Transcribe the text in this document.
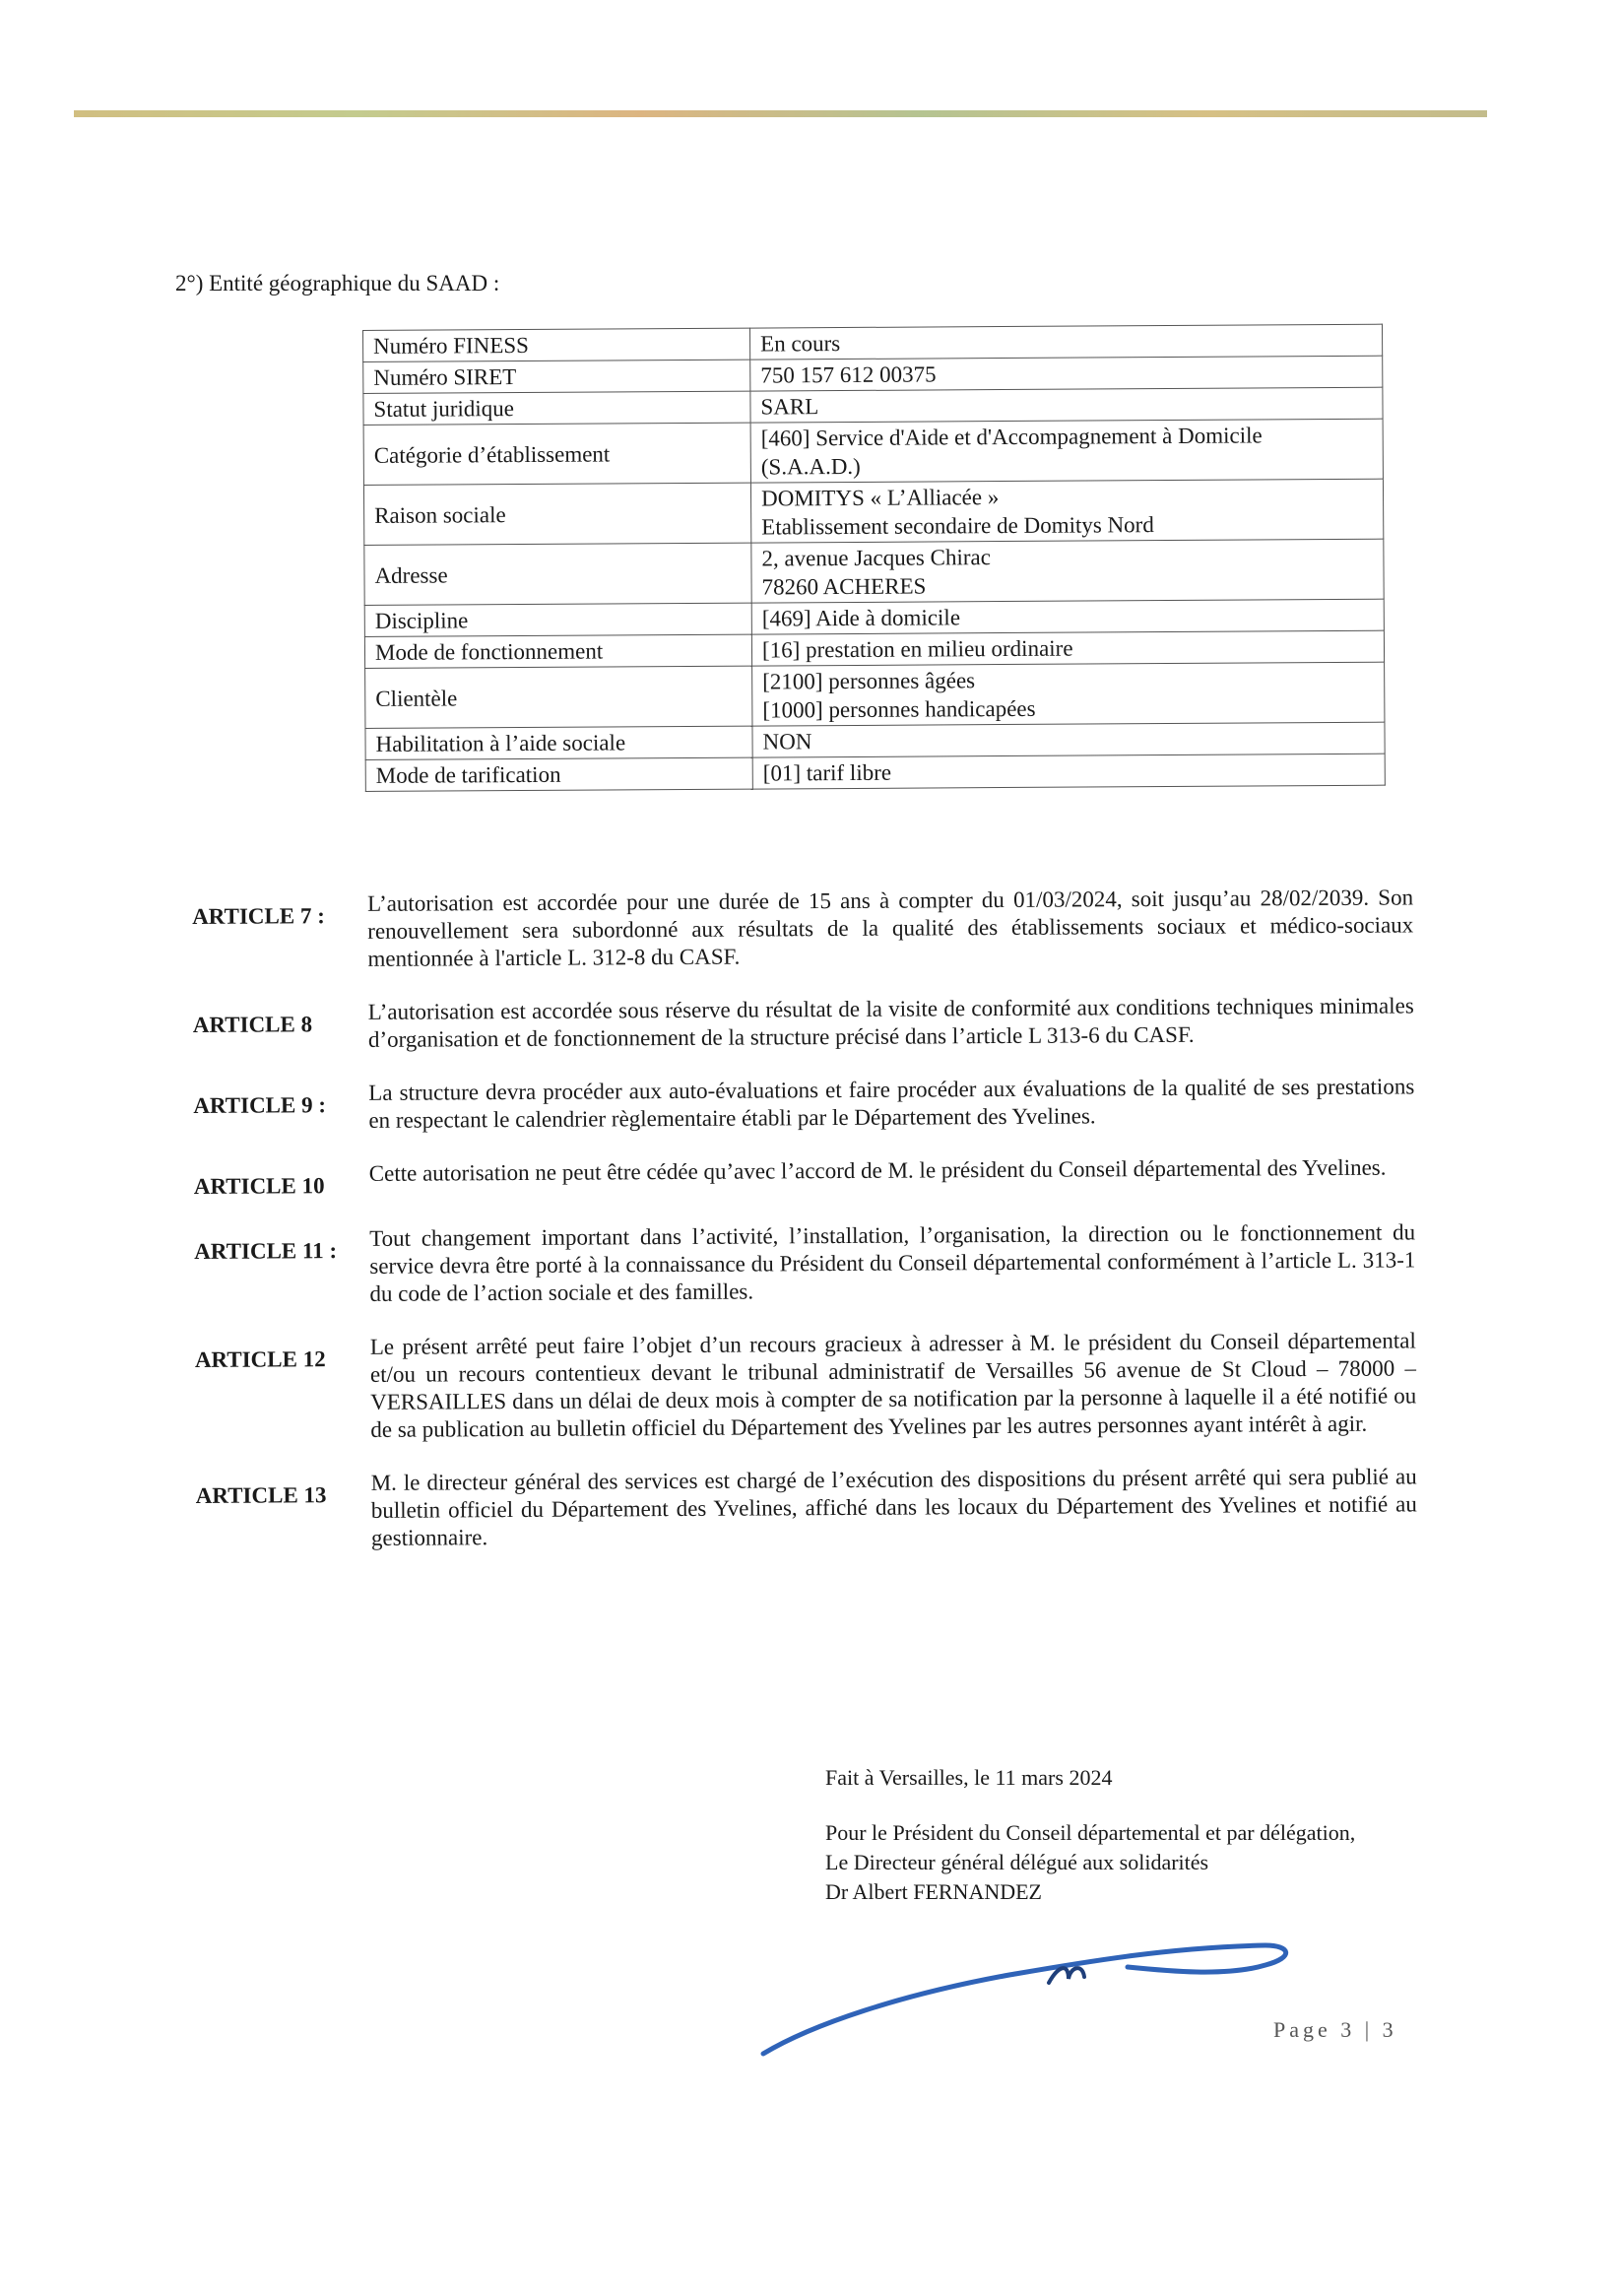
2°) Entité géographique du SAAD :
Numéro FINESS	En cours

Numéro SIRET	750 157 612 00375

Statut juridique	SARL

Catégorie d’établissement	[460] Service d'Aide et d'Accompagnement à Domicile
(S.A.A.D.)

Raison sociale	DOMITYS « L’Alliacée »
Etablissement secondaire de Domitys Nord

Adresse	2, avenue Jacques Chirac
78260 ACHERES

Discipline	[469] Aide à domicile

Mode de fonctionnement	[16] prestation en milieu ordinaire

Clientèle	[2100] personnes âgées
[1000] personnes handicapées

Habilitation à l’aide sociale	NON

Mode de tarification	[01] tarif libre
ARTICLE 7 :
L’autorisation est accordée pour une durée de 15 ans à compter du 01/03/2024, soit jusqu’au 28/02/2039. Son renouvellement sera subordonné aux résultats de la qualité des établissements sociaux et médico-sociaux mentionnée à l'article L. 312-8 du CASF.
ARTICLE 8
L’autorisation est accordée sous réserve du résultat de la visite de conformité aux conditions techniques minimales d’organisation et de fonctionnement de la structure précisé dans l’article L 313-6 du CASF.
ARTICLE 9 :
La structure devra procéder aux auto-évaluations et faire procéder aux évaluations de la qualité de ses prestations en respectant le calendrier règlementaire établi par le Département des Yvelines.
ARTICLE 10
Cette autorisation ne peut être cédée qu’avec l’accord de M. le président du Conseil départemental des Yvelines.
ARTICLE 11 :
Tout changement important dans l’activité, l’installation, l’organisation, la direction ou le fonctionnement du service devra être porté à la connaissance du Président du Conseil départemental conformément à l’article L. 313-1 du code de l’action sociale et des familles.
ARTICLE 12
Le présent arrêté peut faire l’objet d’un recours gracieux à adresser à M. le président du Conseil départemental et/ou un recours contentieux devant le tribunal administratif de Versailles 56 avenue de St Cloud – 78000 – VERSAILLES dans un délai de deux mois à compter de sa notification par la personne à laquelle il a été notifié ou de sa publication au bulletin officiel du Département des Yvelines par les autres personnes ayant intérêt à agir.
ARTICLE 13
M. le directeur général des services est chargé de l’exécution des dispositions du présent arrêté qui sera publié au bulletin officiel du Département des Yvelines, affiché dans les locaux du Département des Yvelines et notifié au gestionnaire.
Fait à Versailles, le 11 mars 2024
Pour le Président du Conseil départemental et par délégation,
Le Directeur général délégué aux solidarités
Dr Albert FERNANDEZ
Page 3 | 3
